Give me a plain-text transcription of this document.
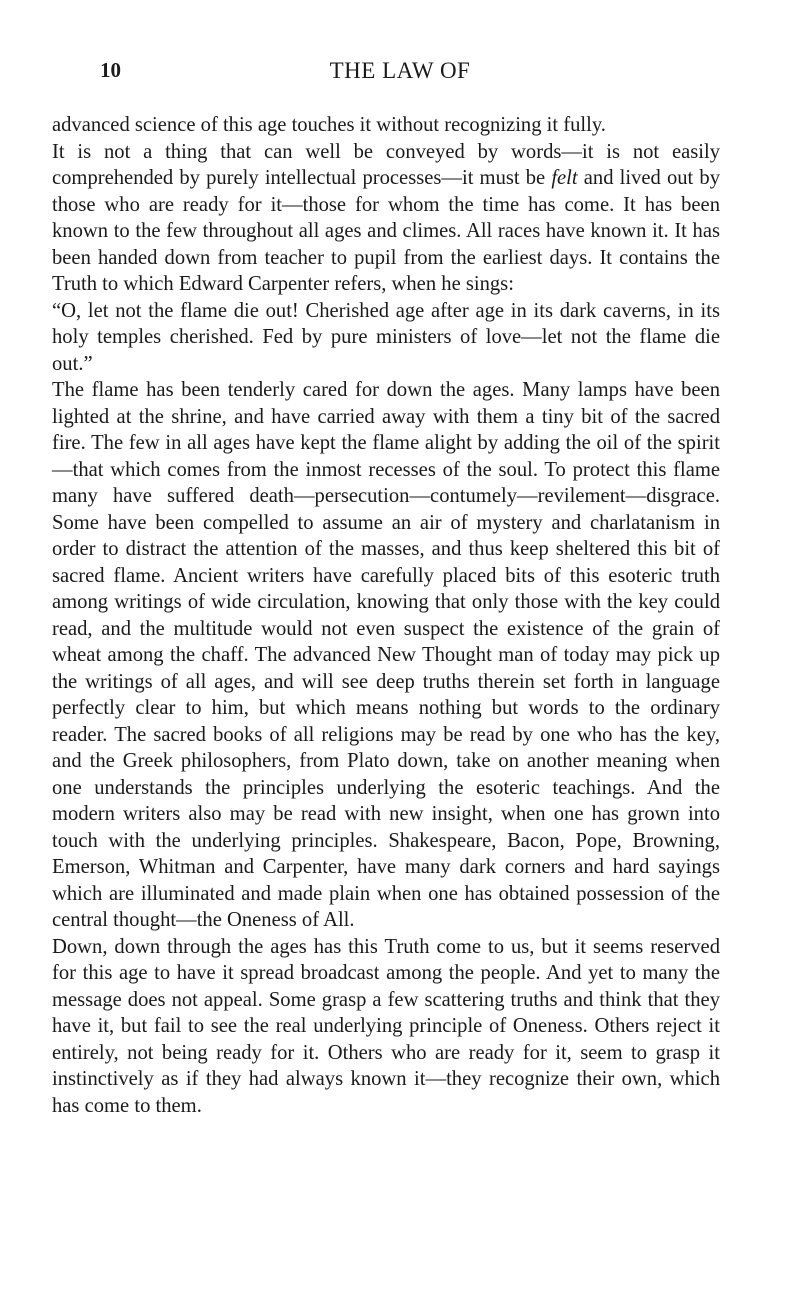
10	THE LAW OF

advanced science of this age touches it without recognizing it fully.

It is not a thing that can well be conveyed by words—it is not easily comprehended by purely intellectual processes—it must be felt and lived out by those who are ready for it—those for whom the time has come. It has been known to the few throughout all ages and climes. All races have known it. It has been handed down from teacher to pupil from the earliest days. It contains the Truth to which Edward Carpenter refers, when he sings:

“O, let not the flame die out! Cherished age after age in its dark caverns, in its holy temples cherished. Fed by pure ministers of love—let not the flame die out.”

The flame has been tenderly cared for down the ages. Many lamps have been lighted at the shrine, and have carried away with them a tiny bit of the sacred fire. The few in all ages have kept the flame alight by adding the oil of the spirit—that which comes from the inmost recesses of the soul. To protect this flame many have suffered death—persecution—contumely—revilement—disgrace. Some have been compelled to assume an air of mystery and charlatanism in order to distract the attention of the masses, and thus keep sheltered this bit of sacred flame. Ancient writers have carefully placed bits of this esoteric truth among writings of wide circulation, knowing that only those with the key could read, and the multitude would not even suspect the existence of the grain of wheat among the chaff. The advanced New Thought man of today may pick up the writings of all ages, and will see deep truths therein set forth in language perfectly clear to him, but which means nothing but words to the ordinary reader. The sacred books of all religions may be read by one who has the key, and the Greek philosophers, from Plato down, take on another meaning when one understands the principles underlying the esoteric teachings. And the modern writers also may be read with new insight, when one has grown into touch with the underlying principles. Shakespeare, Bacon, Pope, Browning, Emerson, Whitman and Carpenter, have many dark corners and hard sayings which are illuminated and made plain when one has obtained possession of the central thought—the Oneness of All.

Down, down through the ages has this Truth come to us, but it seems reserved for this age to have it spread broadcast among the people. And yet to many the message does not appeal. Some grasp a few scattering truths and think that they have it, but fail to see the real underlying principle of Oneness. Others reject it entirely, not being ready for it. Others who are ready for it, seem to grasp it instinctively as if they had always known it—they recognize their own, which has come to them.
